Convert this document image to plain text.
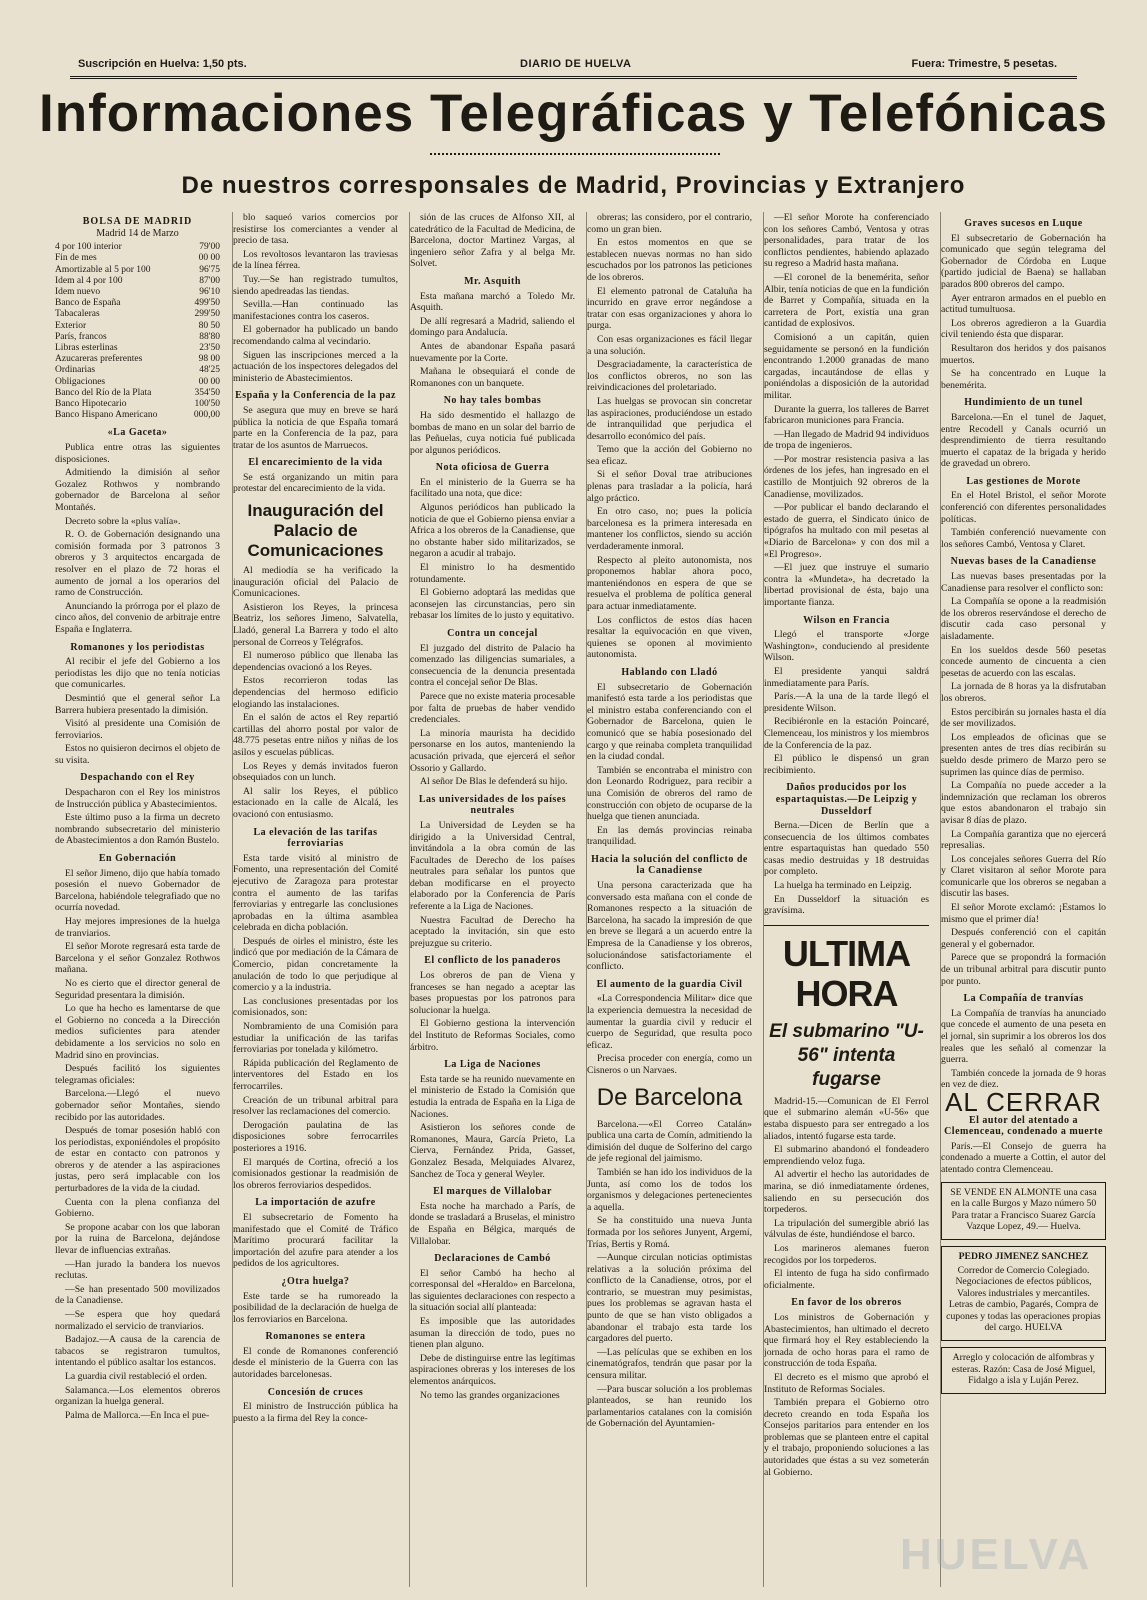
Suscripción en Huelva: 1,50 pts.	DIARIO DE HUELVA	Fuera: Trimestre, 5 pesetas.
Informaciones Telegráficas y Telefónicas
De nuestros corresponsales de Madrid, Provincias y Extranjero
BOLSA DE MADRID
Madrid 14 de Marzo
4 por 100 interior	79'00
Fin de mes	00 00
Amortizable al 5 por 100	96'75
Idem al 4 por 100	87'00
Idem nuevo	96'10
Banco de España	499'50
Tabacaleras	299'50
Exterior	80 50
París, francos	88'80
Libras esterlinas	23'50
Azucareras preferentes	98 00
Ordinarias	48'25
Obligaciones	00 00
Banco del Río de la Plata	354'50
Banco Hipotecario	100'50
Banco Hispano Americano	000,00
«La Gaceta»

Publica entre otras las siguientes disposiciones.

Admitiendo la dimisión al señor Gozalez Rothwos y nombrando gobernador de Barcelona al señor Montañés.

Decreto sobre la «plus valía».

R. O. de Gobernación designando una comisión formada por 3 patronos 3 obreros y 3 arquitectos encargada de resolver en el plazo de 72 horas el aumento de jornal a los operarios del ramo de Construcción.

Anunciando la prórroga por el plazo de cinco años, del convenio de arbitraje entre España e Inglaterra.

Romanones y los periodistas

Al recibir el jefe del Gobierno a los periodistas les dijo que no tenía noticias que comunicarles.

Desmintió que el general señor La Barrera hubiera presentado la dimisión.

Visitó al presidente una Comisión de ferroviarios.

Estos no quisieron decirnos el objeto de su visita.

Despachando con el Rey

Despacharon con el Rey los ministros de Instrucción pública y Abastecimientos.

Este último puso a la firma un decreto nombrando subsecretario del ministerio de Abastecimientos a don Ramón Bustelo.

En Gobernación

El señor Jimeno, dijo que había tomado posesión el nuevo Gobernador de Barcelona, habiéndole telegrafiado que no ocurría novedad.

Hay mejores impresiones de la huelga de tranviarios.

El señor Morote regresará esta tarde de Barcelona y el señor Gonzalez Rothwos mañana.

No es cierto que el director general de Seguridad presentara la dimisión.

Lo que ha hecho es lamentarse de que el Gobierno no conceda a la Dirección medios suficientes para atender debidamente a los servicios no solo en Madrid sino en provincias.

Después facilitó los siguientes telegramas oficiales:

Barcelona.—Llegó el nuevo gobernador señor Montañes, siendo recibido por las autoridades.

Después de tomar posesión habló con los periodistas, exponiéndoles el propósito de estar en contacto con patronos y obreros y de atender a las aspiraciones justas, pero será implacable con los perturbadores de la vida de la ciudad.

Cuenta con la plena confianza del Gobierno.

Se propone acabar con los que laboran por la ruina de Barcelona, dejándose llevar de influencias extrañas.

—Han jurado la bandera los nuevos reclutas.

—Se han presentado 500 movilizados de la Canadiense.

—Se espera que hoy quedará normalizado el servicio de tranviarios.

Badajoz.—A causa de la carencia de tabacos se registraron tumultos, intentando el público asaltar los estancos.

La guardia civil restableció el orden.

Salamanca.—Los elementos obreros organizan la huelga general.

Palma de Mallorca.—En Inca el pue-

blo saqueó varios comercios por resistirse los comerciantes a vender al precio de tasa.

Los revoltosos levantaron las traviesas de la línea férrea.

Tuy.—Se han registrado tumultos, siendo apedreadas las tiendas.

Sevilla.—Han continuado las manifestaciones contra los caseros.

El gobernador ha publicado un bando recomendando calma al vecindario.

Siguen las inscripciones merced a la actuación de los inspectores delegados del ministerio de Abastecimientos.

España y la Conferencia de la paz

Se asegura que muy en breve se hará pública la noticia de que España tomará parte en la Conferencia de la paz, para tratar de los asuntos de Marruecos.

El encarecimiento de la vida

Se está organizando un mitin para protestar del encarecimiento de la vida.

Inauguración del Palacio de Comunicaciones

Al mediodía se ha verificado la inauguración oficial del Palacio de Comunicaciones.

Asistieron los Reyes, la princesa Beatriz, los señores Jimeno, Salvatella, Lladó, general La Barrera y todo el alto personal de Correos y Telégrafos.

El numeroso público que llenaba las dependencias ovacionó a los Reyes.

Estos recorrieron todas las dependencias del hermoso edificio elogiando las instalaciones.

En el salón de actos el Rey repartió cartillas del ahorro postal por valor de 48.775 pesetas entre niños y niñas de los asilos y escuelas públicas.

Los Reyes y demás invitados fueron obsequiados con un lunch.

Al salir los Reyes, el público estacionado en la calle de Alcalá, les ovacionó con entusiasmo.

La elevación de las tarifas ferroviarias

Esta tarde visitó al ministro de Fomento, una representación del Comité ejecutivo de Zaragoza para protestar contra el aumento de las tarifas ferroviarias y entregarle las conclusiones aprobadas en la última asamblea celebrada en dicha población.

Después de oirles el ministro, éste les indicó que por mediación de la Cámara de Comercio, pidan concretamente la anulación de todo lo que perjudique al comercio y a la industria.

Las conclusiones presentadas por los comisionados, son:

Nombramiento de una Comisión para estudiar la unificación de las tarifas ferroviarias por tonelada y kilómetro.

Rápida publicación del Reglamento de interventores del Estado en los ferrocarriles.

Creación de un tribunal arbitral para resolver las reclamaciones del comercio.

Derogación paulatina de las disposiciones sobre ferrocarriles posteriores a 1916.

El marqués de Cortina, ofreció a los comisionados gestionar la readmisión de los obreros ferroviarios despedidos.

La importación de azufre

El subsecretario de Fomento ha manifestado que el Comité de Tráfico Marítimo procurará facilitar la importación del azufre para atender a los pedidos de los agricultores.

¿Otra huelga?

Este tarde se ha rumoreado la posibilidad de la declaración de huelga de los ferroviarios en Barcelona.

Romanones se entera

El conde de Romanones conferenció desde el ministerio de la Guerra con las autoridades barcelonesas.

Concesión de cruces

El ministro de Instrucción pública ha puesto a la firma del Rey la conce-

sión de las cruces de Alfonso XII, al catedrático de la Facultad de Medicina, de Barcelona, doctor Martinez Vargas, al ingeniero señor Zafra y al belga Mr. Solvet.

Mr. Asquith

Esta mañana marchó a Toledo Mr. Asquith.

De allí regresará a Madrid, saliendo el domingo para Andalucía.

Antes de abandonar España pasará nuevamente por la Corte.

Mañana le obsequiará el conde de Romanones con un banquete.

No hay tales bombas

Ha sido desmentido el hallazgo de bombas de mano en un solar del barrio de las Peñuelas, cuya noticia fué publicada por algunos periódicos.

Nota oficiosa de Guerra

En el ministerio de la Guerra se ha facilitado una nota, que dice:

Algunos periódicos han publicado la noticia de que el Gobierno piensa enviar a Africa a los obreros de la Canadiense, que no obstante haber sido militarizados, se negaron a acudir al trabajo.

El ministro lo ha desmentido rotundamente.

El Gobierno adoptará las medidas que aconsejen las circunstancias, pero sin rebasar los límites de lo justo y equitativo.

Contra un concejal

El juzgado del distrito de Palacio ha comenzado las diligencias sumariales, a consecuencia de la denuncia presentada contra el concejal señor De Blas.

Parece que no existe materia procesable por falta de pruebas de haber vendido credenciales.

La minoría maurista ha decidido personarse en los autos, manteniendo la acusación privada, que ejercerá el señor Ossorio y Gallardo.

Al señor De Blas le defenderá su hijo.

Las universidades de los países neutrales

La Universidad de Leyden se ha dirigido a la Universidad Central, invitándola a la obra común de las Facultades de Derecho de los países neutrales para señalar los puntos que deban modificarse en el proyecto elaborado por la Conferencia de París referente a la Liga de Naciones.

Nuestra Facultad de Derecho ha aceptado la invitación, sin que esto prejuzgue su criterio.

El conflicto de los panaderos

Los obreros de pan de Viena y franceses se han negado a aceptar las bases propuestas por los patronos para solucionar la huelga.

El Gobierno gestiona la intervención del Instituto de Reformas Sociales, como árbitro.

La Liga de Naciones

Esta tarde se ha reunido nuevamente en el ministerio de Estado la Comisión que estudia la entrada de España en la Liga de Naciones.

Asistieron los señores conde de Romanones, Maura, García Prieto, La Cierva, Fernández Prida, Gasset, Gonzalez Besada, Melquiades Alvarez, Sanchez de Toca y general Weyler.

El marques de Villalobar

Esta noche ha marchado a París, de donde se trasladará a Bruselas, el ministro de España en Bélgica, marqués de Villalobar.

Declaraciones de Cambó

El señor Cambó ha hecho al corresponsal del «Heraldo» en Barcelona, las siguientes declaraciones con respecto a la situación social allí planteada:

Es imposible que las autoridades asuman la dirección de todo, pues no tienen plan alguno.

Debe de distinguirse entre las legítimas aspiraciones obreras y los intereses de los elementos anárquicos.

No temo las grandes organizaciones

obreras; las considero, por el contrario, como un gran bien.

En estos momentos en que se establecen nuevas normas no han sido escuchados por los patronos las peticiones de los obreros.

El elemento patronal de Cataluña ha incurrido en grave error negándose a tratar con esas organizaciones y ahora lo purga.

Con esas organizaciones es fácil llegar a una solución.

Desgraciadamente, la característica de los conflictos obreros, no son las reivindicaciones del proletariado.

Las huelgas se provocan sin concretar las aspiraciones, produciéndose un estado de intranquilidad que perjudica el desarrollo económico del país.

Temo que la acción del Gobierno no sea eficaz.

Si el señor Doval trae atribuciones plenas para trasladar a la policía, hará algo práctico.

En otro caso, no; pues la policía barcelonesa es la primera interesada en mantener los conflictos, siendo su acción verdaderamente inmoral.

Respecto al pleito autonomista, nos proponemos hablar ahora poco, manteniéndonos en espera de que se resuelva el problema de política general para actuar inmediatamente.

Los conflictos de estos días hacen resaltar la equivocación en que viven, quienes se oponen al movimiento autonomista.

Hablando con Lladó

El subsecretario de Gobernación manifestó esta tarde a los periodistas que el ministro estaba conferenciando con el Gobernador de Barcelona, quien le comunicó que se había posesionado del cargo y que reinaba completa tranquilidad en la ciudad condal.

También se encontraba el ministro con don Leonardo Rodriguez, para recibir a una Comisión de obreros del ramo de construcción con objeto de ocuparse de la huelga que tienen anunciada.

En las demás provincias reinaba tranquilidad.

Hacia la solución del conflicto de la Canadiense

Una persona caracterizada que ha conversado esta mañana con el conde de Romanones respecto a la situación de Barcelona, ha sacado la impresión de que en breve se llegará a un acuerdo entre la Empresa de la Canadiense y los obreros, solucionándose satisfactoriamente el conflicto.

El aumento de la guardia Civil

«La Correspondencia Militar» dice que la experiencia demuestra la necesidad de aumentar la guardia civil y reducir el cuerpo de Seguridad, que resulta poco eficaz.

Precisa proceder con energía, como un Cisneros o un Narvaes.

De Barcelona

Barcelona.—«El Correo Catalán» publica una carta de Comín, admitiendo la dimisión del duque de Solferino del cargo de jefe regional del jaimismo.

También se han ido los individuos de la Junta, así como los de todos los organismos y delegaciones pertenecientes a aquella.

Se ha constituido una nueva Junta formada por los señores Junyent, Argemí, Trías, Bertis y Romá.

—Aunque circulan noticias optimistas relativas a la solución próxima del conflicto de la Canadiense, otros, por el contrario, se muestran muy pesimistas, pues los problemas se agravan hasta el punto de que se han visto obligados a abandonar el trabajo esta tarde los cargadores del puerto.

—Las películas que se exhiben en los cinematógrafos, tendrán que pasar por la censura militar.

—Para buscar solución a los problemas planteados, se han reunido los parlamentarios catalanes con la comisión de Gobernación del Ayuntamien-

—El señor Morote ha conferenciado con los señores Cambó, Ventosa y otras personalidades, para tratar de los conflictos pendientes, habiendo aplazado su regreso a Madrid hasta mañana.

—El coronel de la benemérita, señor Albir, tenía noticias de que en la fundición de Barret y Compañía, situada en la carretera de Port, existía una gran cantidad de explosivos.

Comisionó a un capitán, quien seguidamente se personó en la fundición encontrando 1.2000 granadas de mano cargadas, incautándose de ellas y poniéndolas a disposición de la autoridad militar.

Durante la guerra, los talleres de Barret fabricaron municiones para Francia.

—Han llegado de Madrid 94 individuos de tropa de ingenieros.

—Por mostrar resistencia pasiva a las órdenes de los jefes, han ingresado en el castillo de Montjuich 92 obreros de la Canadiense, movilizados.

—Por publicar el bando declarando el estado de guerra, el Sindicato único de tipógrafos ha multado con mil pesetas al «Diario de Barcelona» y con dos mil a «El Progreso».

—El juez que instruye el sumario contra la «Mundeta», ha decretado la libertad provisional de ésta, bajo una importante fianza.

Wilson en Francia

Llegó el transporte «Jorge Washington», conduciendo al presidente Wilson.

El presidente yanqui saldrá inmediatamente para París.

París.—A la una de la tarde llegó el presidente Wilson.

Recibiéronle en la estación Poincaré, Clemenceau, los ministros y los miembros de la Conferencia de la paz.

El público le dispensó un gran recibimiento.

Daños producidos por los espartaquistas.—De Leipzig y Dusseldorf

Berna.—Dicen de Berlín que a consecuencia de los últimos combates entre espartaquistas han quedado 550 casas medio destruidas y 18 destruidas por completo.

La huelga ha terminado en Leipzig.

En Dusseldorf la situación es gravísima.

ULTIMA HORA
El submarino "U-56" intenta fugarse

Madrid-15.—Comunican de El Ferrol que el submarino alemán «U-56» que estaba dispuesto para ser entregado a los aliados, intentó fugarse esta tarde.

El submarino abandonó el fondeadero emprendiendo veloz fuga.

Al advertir el hecho las autoridades de marina, se dió inmediatamente órdenes, saliendo en su persecución dos torpederos.

La tripulación del sumergible abrió las válvulas de éste, hundiéndose el barco.

Los marineros alemanes fueron recogidos por los torpederos.

El intento de fuga ha sido confirmado oficialmente.

En favor de los obreros

Los ministros de Gobernación y Abastecimientos, han ultimado el decreto que firmará hoy el Rey estableciendo la jornada de ocho horas para el ramo de construcción de toda España.

El decreto es el mismo que aprobó el Instituto de Reformas Sociales.

También prepara el Gobierno otro decreto creando en toda España los Consejos paritarios para entender en los problemas que se planteen entre el capital y el trabajo, proponiendo soluciones a las autoridades que éstas a su vez someterán al Gobierno.

Graves sucesos en Luque

El subsecretario de Gobernación ha comunicado que según telegrama del Gobernador de Córdoba en Luque (partido judicial de Baena) se hallaban parados 800 obreros del campo.

Ayer entraron armados en el pueblo en actitud tumultuosa.

Los obreros agredieron a la Guardia civil teniendo ésta que disparar.

Resultaron dos heridos y dos paisanos muertos.

Se ha concentrado en Luque la benemérita.

Hundimiento de un tunel

Barcelona.—En el tunel de Jaquet, entre Recodell y Canals ocurrió un desprendimiento de tierra resultando muerto el capataz de la brigada y herido de gravedad un obrero.

Las gestiones de Morote

En el Hotel Bristol, el señor Morote conferenció con diferentes personalidades políticas.

También conferenció nuevamente con los señores Cambó, Ventosa y Claret.

Nuevas bases de la Canadiense

Las nuevas bases presentadas por la Canadiense para resolver el conflicto son:

La Compañía se opone a la readmisión de los obreros reservándose el derecho de discutir cada caso personal y aisladamente.

En los sueldos desde 560 pesetas concede aumento de cincuenta a cien pesetas de acuerdo con las escalas.

La jornada de 8 horas ya la disfrutaban los obreros.

Estos percibirán su jornales hasta el día de ser movilizados.

Los empleados de oficinas que se presenten antes de tres días recibirán su sueldo desde primero de Marzo pero se suprimen las quince días de permiso.

La Compañía no puede acceder a la indemnización que reclaman los obreros que estos abandonaron el trabajo sin avisar 8 días de plazo.

La Compañía garantiza que no ejercerá represalias.

Los concejales señores Guerra del Río y Claret visitaron al señor Morote para comunicarle que los obreros se negaban a discutir las bases.

El señor Morote exclamó: ¡Estamos lo mismo que el primer día!

Después conferenció con el capitán general y el gobernador.

Parece que se propondrá la formación de un tribunal arbitral para discutir punto por punto.

La Compañía de tranvías

La Compañía de tranvías ha anunciado que concede el aumento de una peseta en el jornal, sin suprimir a los obreros los dos reales que les señaló al comenzar la guerra.

También concede la jornada de 9 horas en vez de diez.

AL CERRAR
El autor del atentado a Clemenceau, condenado a muerte

París.—El Consejo de guerra ha condenado a muerte a Cottin, el autor del atentado contra Clemenceau.

SE VENDE EN ALMONTE una casa en la calle Burgos y Mazo número 50 Para tratar a Francisco Suarez García Vazque Lopez, 49.— Huelva.

PEDRO JIMENEZ SANCHEZ

Corredor de Comercio Colegiado. Negociaciones de efectos públicos, Valores industriales y mercantiles. Letras de cambio, Pagarés, Compra de cupones y todas las operaciones propias del cargo. HUELVA

Arreglo y colocación de alfombras y esteras. Razón: Casa de José Miguel, Fidalgo a isla y Luján Perez.

HUELVA
